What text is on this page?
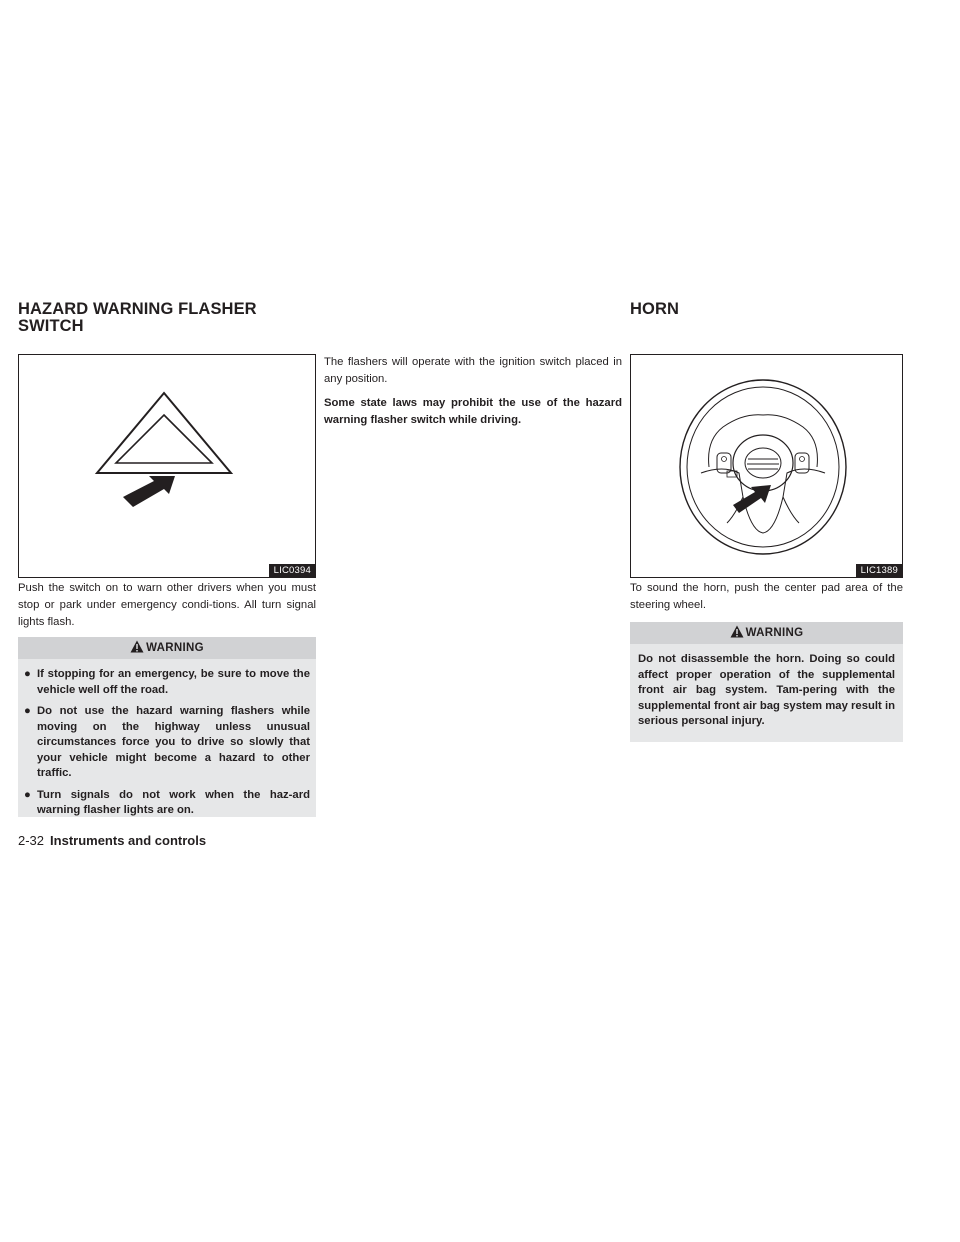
HAZARD WARNING FLASHER
SWITCH
HORN
LIC0394

Push the switch on to warn other drivers when you must stop or park under emergency condi-tions. All turn signal lights flash.

WARNING
● If stopping for an emergency, be sure to move the vehicle well off the road.
● Do not use the hazard warning flashers while moving on the highway unless unusual circumstances force you to drive so slowly that your vehicle might become a hazard to other traffic.
● Turn signals do not work when the haz-ard warning flasher lights are on.

The flashers will operate with the ignition switch placed in any position.

Some state laws may prohibit the use of the hazard warning flasher switch while driving.

LIC1389

To sound the horn, push the center pad area of the steering wheel.

WARNING

Do not disassemble the horn. Doing so could affect proper operation of the supplemental front air bag system. Tam-pering with the supplemental front air bag system may result in serious personal injury.

2-32 Instruments and controls
